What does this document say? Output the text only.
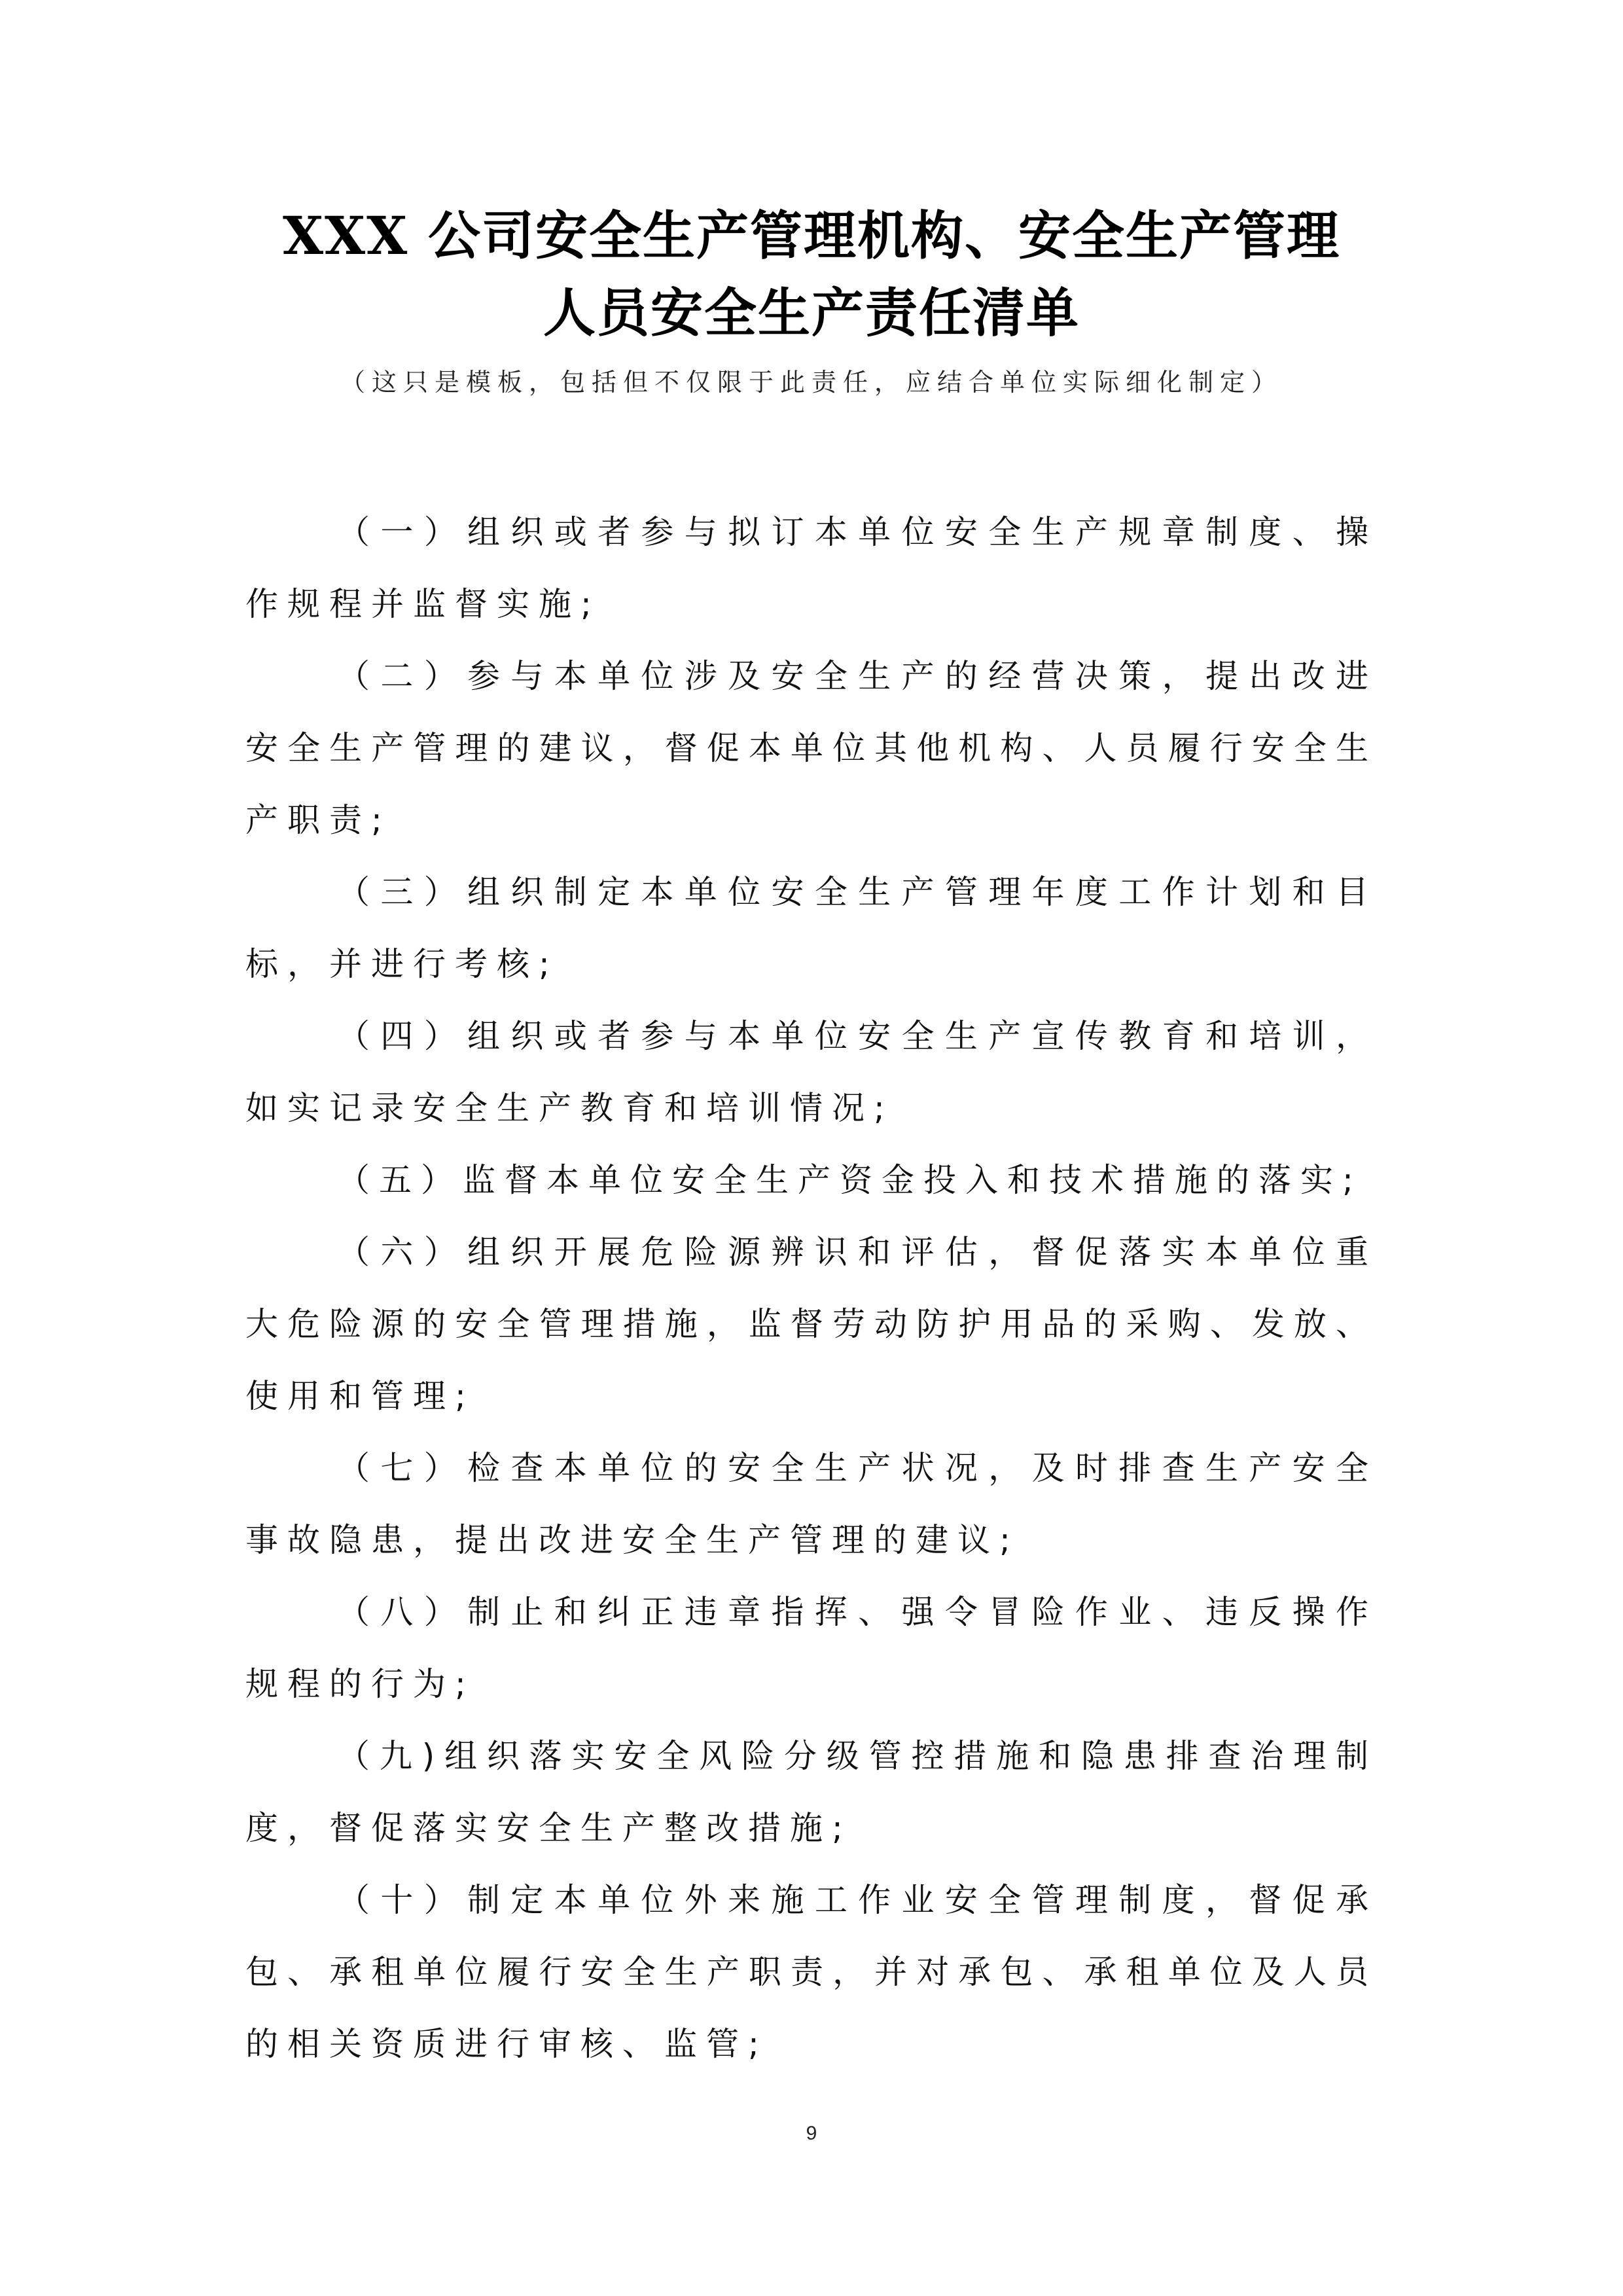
XXX 公司安全生产管理机构、安全生产管理
人员安全生产责任清单

（这只是模板，包括但不仅限于此责任，应结合单位实际细化制定）

（一）组织或者参与拟订本单位安全生产规章制度、操作规程并监督实施;

（二）参与本单位涉及安全生产的经营决策，提出改进安全生产管理的建议，督促本单位其他机构、人员履行安全生产职责;

（三）组织制定本单位安全生产管理年度工作计划和目标，并进行考核;

（四）组织或者参与本单位安全生产宣传教育和培训，如实记录安全生产教育和培训情况;

（五）监督本单位安全生产资金投入和技术措施的落实;

（六）组织开展危险源辨识和评估，督促落实本单位重大危险源的安全管理措施，监督劳动防护用品的采购、发放、使用和管理;

（七）检查本单位的安全生产状况，及时排查生产安全事故隐患，提出改进安全生产管理的建议;

（八）制止和纠正违章指挥、强令冒险作业、违反操作规程的行为;

（九)组织落实安全风险分级管控措施和隐患排查治理制度，督促落实安全生产整改措施;

（十）制定本单位外来施工作业安全管理制度，督促承包、承租单位履行安全生产职责，并对承包、承租单位及人员的相关资质进行审核、监管;

9
